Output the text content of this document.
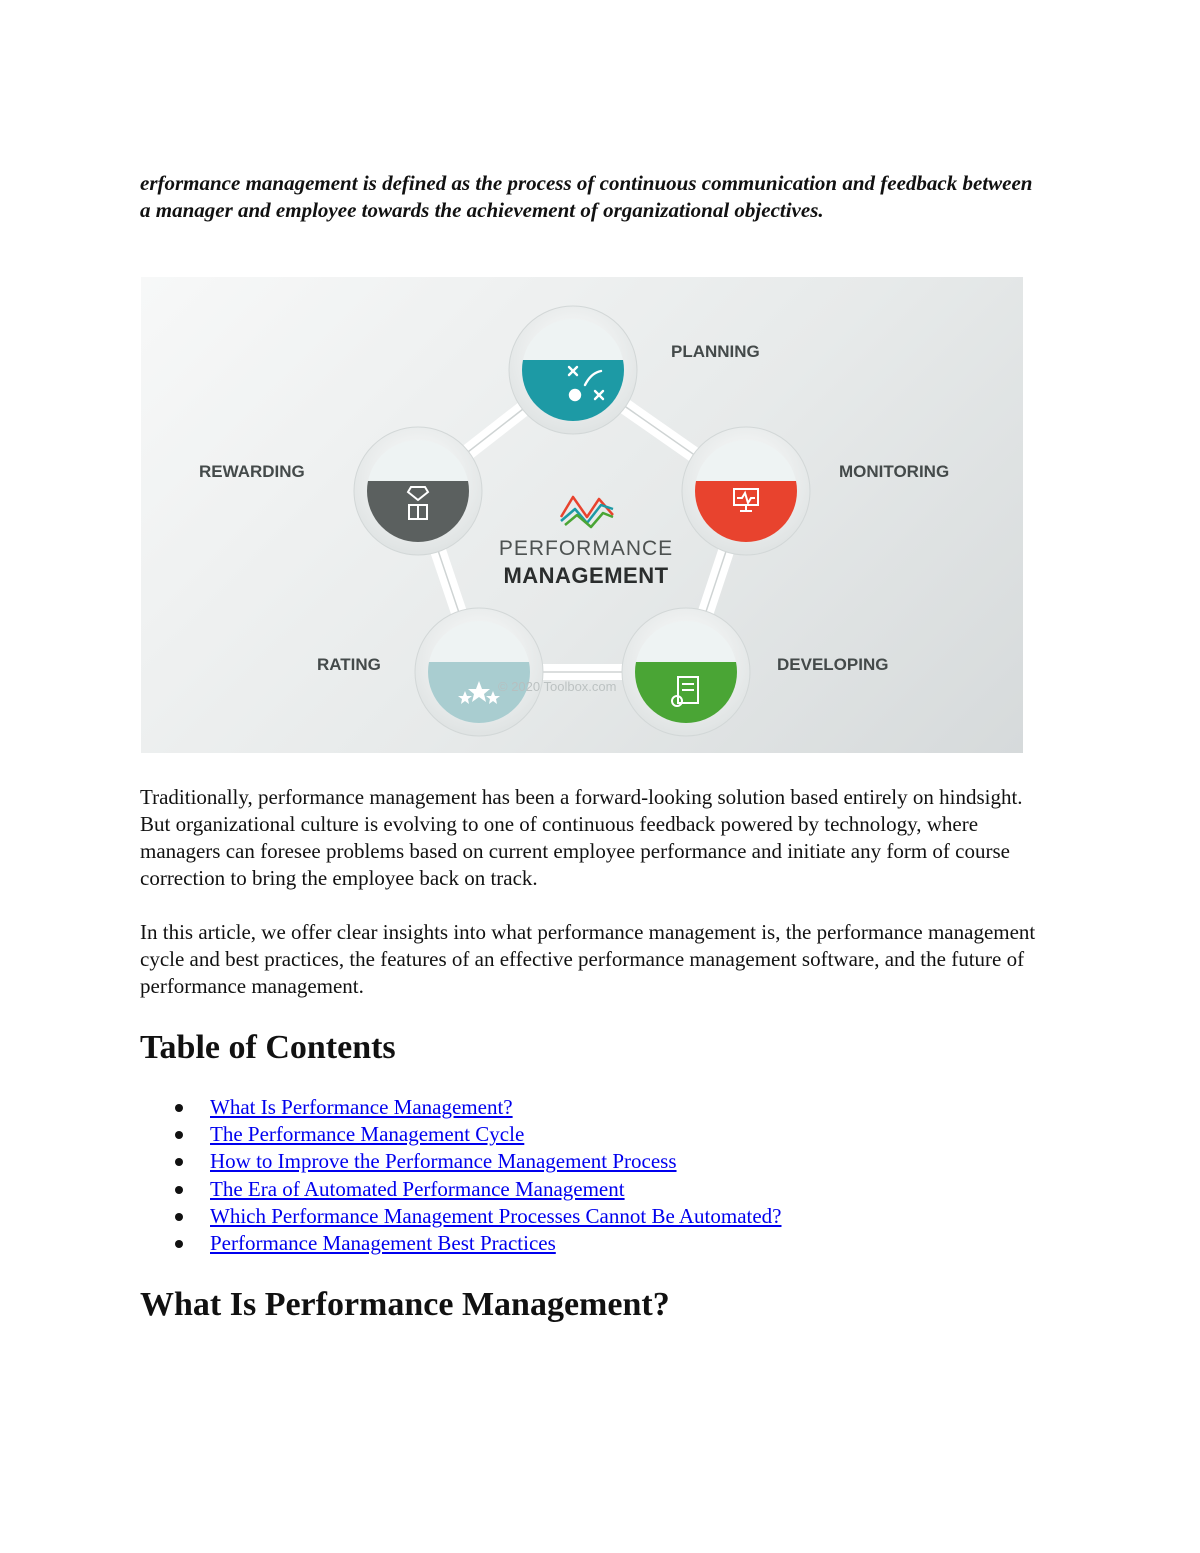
erformance management is defined as the process of continuous communication and feedback between a manager and employee towards the achievement of organizational objectives.

PERFORMANCE
MANAGEMENT
PLANNING
MONITORING
DEVELOPING
RATING
REWARDING
© 2020 Toolbox.com

Traditionally, performance management has been a forward-looking solution based entirely on hindsight. But organizational culture is evolving to one of continuous feedback powered by technology, where managers can foresee problems based on current employee performance and initiate any form of course correction to bring the employee back on track.

In this article, we offer clear insights into what performance management is, the performance management cycle and best practices, the features of an effective performance management software, and the future of performance management.

Table of Contents
What Is Performance Management?
The Performance Management Cycle
How to Improve the Performance Management Process
The Era of Automated Performance Management
Which Performance Management Processes Cannot Be Automated?
Performance Management Best Practices
What Is Performance Management?
